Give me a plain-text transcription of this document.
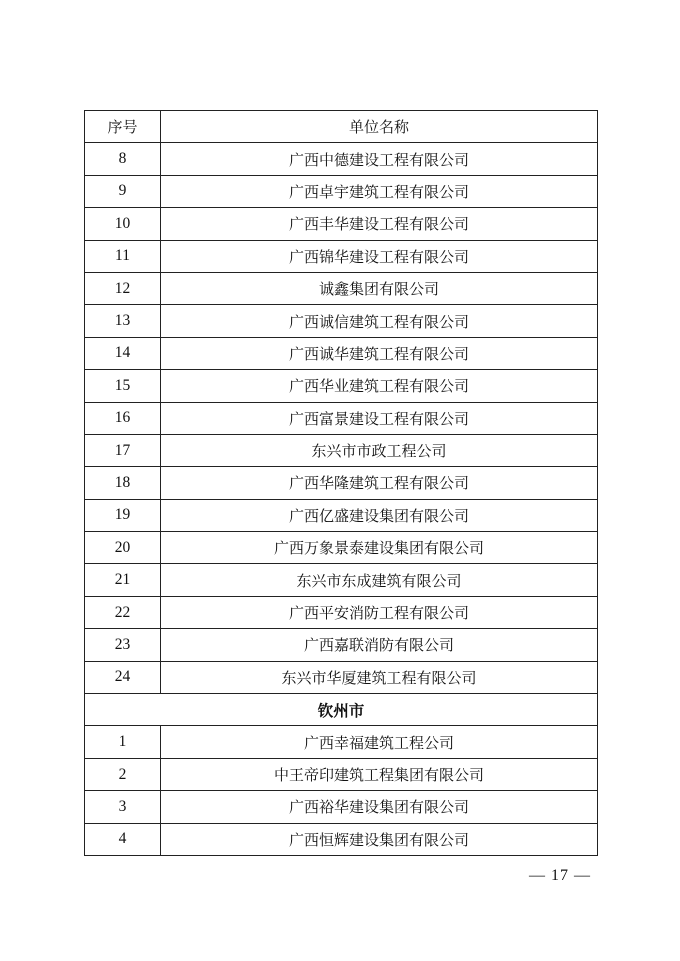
序号	单位名称
8	广西中德建设工程有限公司
9	广西卓宇建筑工程有限公司
10	广西丰华建设工程有限公司
11	广西锦华建设工程有限公司
12	诚鑫集团有限公司
13	广西诚信建筑工程有限公司
14	广西诚华建筑工程有限公司
15	广西华业建筑工程有限公司
16	广西富景建设工程有限公司
17	东兴市市政工程公司
18	广西华隆建筑工程有限公司
19	广西亿盛建设集团有限公司
20	广西万象景泰建设集团有限公司
21	东兴市东成建筑有限公司
22	广西平安消防工程有限公司
23	广西嘉联消防有限公司
24	东兴市华厦建筑工程有限公司
钦州市	
1	广西幸福建筑工程公司
2	中王帝印建筑工程集团有限公司
3	广西裕华建设集团有限公司
4	广西恒辉建设集团有限公司
— 17 —
